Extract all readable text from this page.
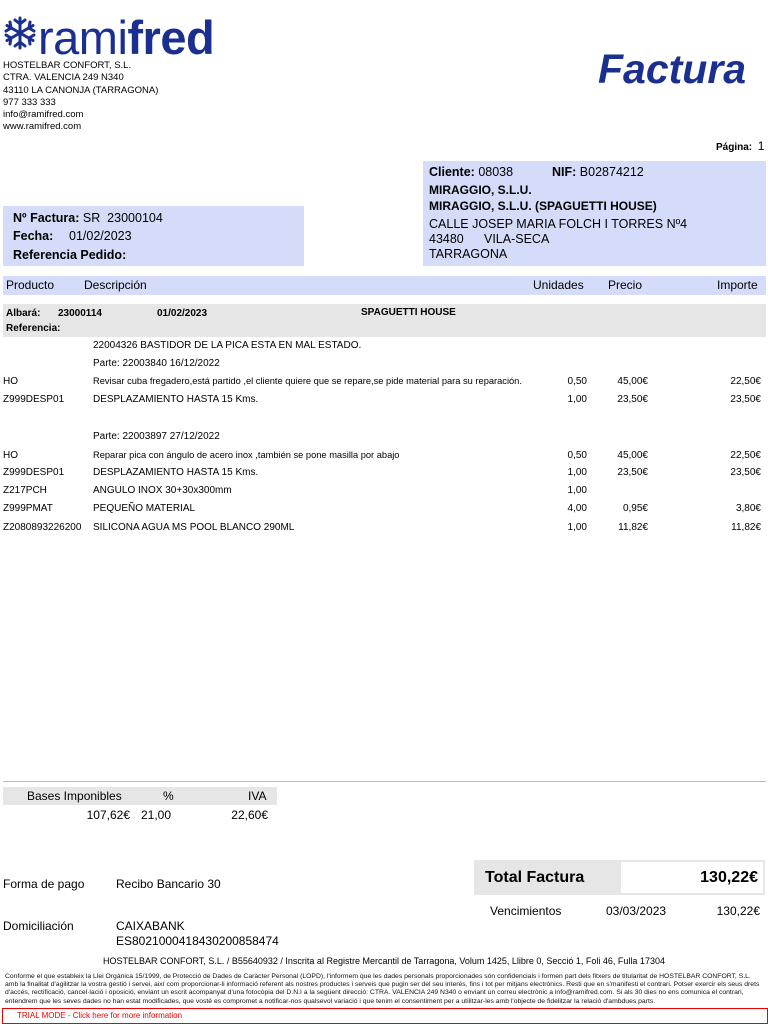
ramifred
HOSTELBAR CONFORT, S.L.
CTRA. VALENCIA 249 N340
43110 LA CANONJA (TARRAGONA)
977 333 333
info@ramifred.com
www.ramifred.com
Factura
Página: 1
Cliente: 08038	NIF: B02874212
MIRAGGIO, S.L.U.
MIRAGGIO, S.L.U. (SPAGUETTI HOUSE)
CALLE JOSEP MARIA FOLCH I TORRES Nº4
43480 VILA-SECA
TARRAGONA
Nº Factura: SR  23000104
Fecha: 01/02/2023
Referencia Pedido:
Producto Descripción	Unidades Precio	Importe
Albará: 23000114	01/02/2023	SPAGUETTI HOUSE
Referencia:
22004326 BASTIDOR DE LA PICA ESTA EN MAL ESTADO.
Parte: 22003840 16/12/2022
HO	Revisar cuba fregadero,está partido ,el cliente quiere que se repare,se pide material para su reparación.	0,50	45,00€	22,50€
Z999DESP01	DESPLAZAMIENTO HASTA 15 Kms.	1,00	23,50€	23,50€
Parte: 22003897 27/12/2022
HO	Reparar pica con ángulo de acero inox ,también se pone masilla por abajo	0,50	45,00€	22,50€
Z999DESP01	DESPLAZAMIENTO HASTA 15 Kms.	1,00	23,50€	23,50€
Z217PCH	ANGULO INOX 30+30x300mm	1,00
Z999PMAT	PEQUEÑO MATERIAL	4,00	0,95€	3,80€
Z2080893226200 SILICONA AGUA MS POOL BLANCO 290ML	1,00	11,82€	11,82€
Bases Imponibles	%	IVA
107,62€ 21,00	22,60€
Total Factura	130,22€
Forma de pago	Recibo Bancario 30
Vencimientos	03/03/2023	130,22€
Domiciliación	CAIXABANK
ES8021000418430200858474
HOSTELBAR CONFORT, S.L. / B55640932 / Inscrita al Registre Mercantil de Tarragona, Volum 1425, Llibre 0, Secció 1, Foli 46, Fulla 17304
Conforme el que estableix la Llei Orgànica 15/1999, de Protecció de Dades de Caràcter Personal (LOPD), l'informem que les dades personals proporcionades són confidencials i formen part dels fitxers de titularitat de HOSTELBAR CONFORT, S.L. amb la finalitat d'agilitzar la vostra gestió i servei, així com proporcionar-li informació referent als nostres productes i serveis que pugin ser del seu interès, fins i tot per mitjans electrònics. Resti que en s'manifesti el contrari. Potser exercir els seus drets d'accés, rectificació, cancel·lació i oposició, enviant un escrit acompanyat d'una fotocòpia del D.N.I a la següent direcció: CTRA. VALENCIA 249 N340 o enviant un correu electrònic a info@ramifred.com. Si als 30 dies no ens comunica el contrari, entendrem que les seves dades no han estat modificades, que vostè es compromet a notificar-nos qualsevol variació i que tenim el consentiment per a utilitzar-les amb l'objecte de fidelitzar la relació d'ambdues parts.
TRIAL MODE - Click here for more information
